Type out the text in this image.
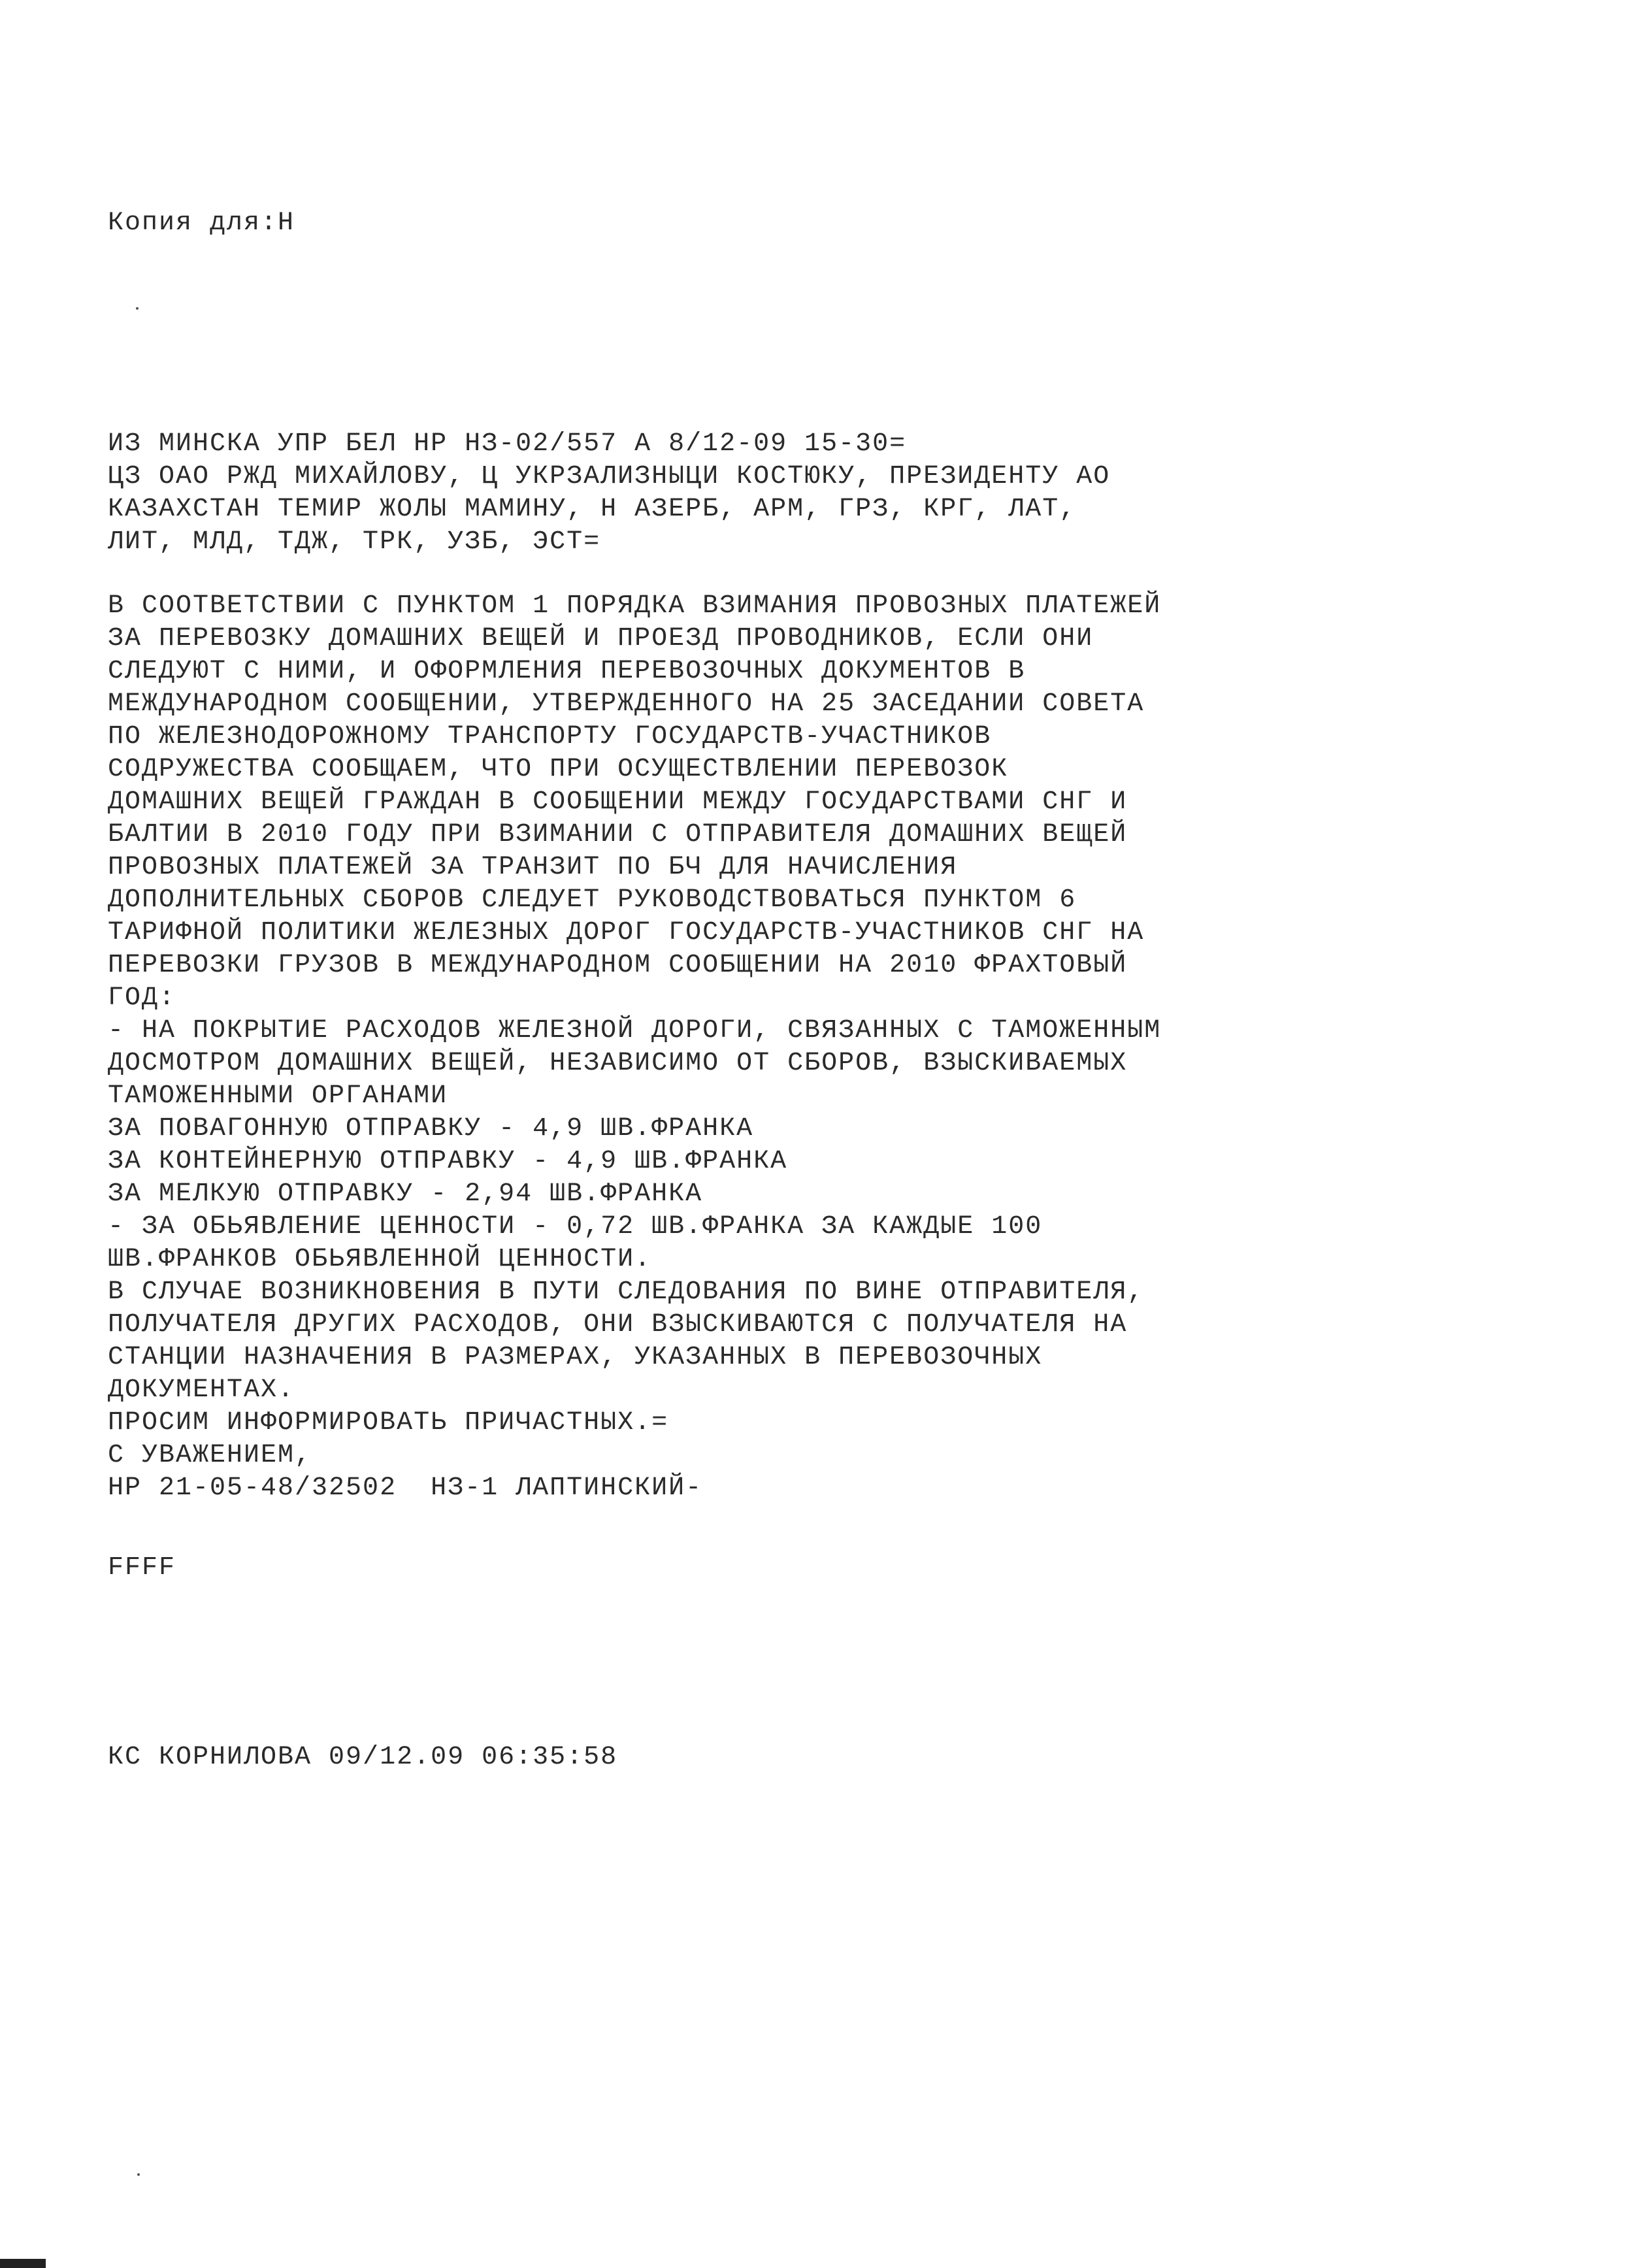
Копия для:Н
ИЗ МИНСКА УПР БЕЛ НР НЗ-02/557 А 8/12-09 15-30=
ЦЗ ОАО РЖД МИХАЙЛОВУ, Ц УКРЗАЛИЗНЫЦИ КОСТЮКУ, ПРЕЗИДЕНТУ АО
КАЗАХСТАН ТЕМИР ЖОЛЫ МАМИНУ, Н АЗЕРБ, АРМ, ГРЗ, КРГ, ЛАТ,
ЛИТ, МЛД, ТДЖ, ТРК, УЗБ, ЭСТ=
В СООТВЕТСТВИИ С ПУНКТОМ 1 ПОРЯДКА ВЗИМАНИЯ ПРОВОЗНЫХ ПЛАТЕЖЕЙ
ЗА ПЕРЕВОЗКУ ДОМАШНИХ ВЕЩЕЙ И ПРОЕЗД ПРОВОДНИКОВ, ЕСЛИ ОНИ
СЛЕДУЮТ С НИМИ, И ОФОРМЛЕНИЯ ПЕРЕВОЗОЧНЫХ ДОКУМЕНТОВ В
МЕЖДУНАРОДНОМ СООБЩЕНИИ, УТВЕРЖДЕННОГО НА 25 ЗАСЕДАНИИ СОВЕТА
ПО ЖЕЛЕЗНОДОРОЖНОМУ ТРАНСПОРТУ ГОСУДАРСТВ-УЧАСТНИКОВ
СОДРУЖЕСТВА СООБЩАЕМ, ЧТО ПРИ ОСУЩЕСТВЛЕНИИ ПЕРЕВОЗОК
ДОМАШНИХ ВЕЩЕЙ ГРАЖДАН В СООБЩЕНИИ МЕЖДУ ГОСУДАРСТВАМИ СНГ И
БАЛТИИ В 2010 ГОДУ ПРИ ВЗИМАНИИ С ОТПРАВИТЕЛЯ ДОМАШНИХ ВЕЩЕЙ
ПРОВОЗНЫХ ПЛАТЕЖЕЙ ЗА ТРАНЗИТ ПО БЧ ДЛЯ НАЧИСЛЕНИЯ
ДОПОЛНИТЕЛЬНЫХ СБОРОВ СЛЕДУЕТ РУКОВОДСТВОВАТЬСЯ ПУНКТОМ 6
ТАРИФНОЙ ПОЛИТИКИ ЖЕЛЕЗНЫХ ДОРОГ ГОСУДАРСТВ-УЧАСТНИКОВ СНГ НА
ПЕРЕВОЗКИ ГРУЗОВ В МЕЖДУНАРОДНОМ СООБЩЕНИИ НА 2010 ФРАХТОВЫЙ
ГОД:
- НА ПОКРЫТИЕ РАСХОДОВ ЖЕЛЕЗНОЙ ДОРОГИ, СВЯЗАННЫХ С ТАМОЖЕННЫМ
ДОСМОТРОМ ДОМАШНИХ ВЕЩЕЙ, НЕЗАВИСИМО ОТ СБОРОВ, ВЗЫСКИВАЕМЫХ
ТАМОЖЕННЫМИ ОРГАНАМИ
ЗА ПОВАГОННУЮ ОТПРАВКУ - 4,9 ШВ.ФРАНКА
ЗА КОНТЕЙНЕРНУЮ ОТПРАВКУ - 4,9 ШВ.ФРАНКА
ЗА МЕЛКУЮ ОТПРАВКУ - 2,94 ШВ.ФРАНКА
- ЗА ОБЬЯВЛЕНИЕ ЦЕННОСТИ - 0,72 ШВ.ФРАНКА ЗА КАЖДЫЕ 100
ШВ.ФРАНКОВ ОБЬЯВЛЕННОЙ ЦЕННОСТИ.
В СЛУЧАЕ ВОЗНИКНОВЕНИЯ В ПУТИ СЛЕДОВАНИЯ ПО ВИНЕ ОТПРАВИТЕЛЯ,
ПОЛУЧАТЕЛЯ ДРУГИХ РАСХОДОВ, ОНИ ВЗЫСКИВАЮТСЯ С ПОЛУЧАТЕЛЯ НА
СТАНЦИИ НАЗНАЧЕНИЯ В РАЗМЕРАХ, УКАЗАННЫХ В ПЕРЕВОЗОЧНЫХ
ДОКУМЕНТАХ.
ПРОСИМ ИНФОРМИРОВАТЬ ПРИЧАСТНЫХ.=
С УВАЖЕНИЕМ,
НР 21-05-48/32502  НЗ-1 ЛАПТИНСКИЙ-
FFFF
КС КОРНИЛОВА 09/12.09 06:35:58
